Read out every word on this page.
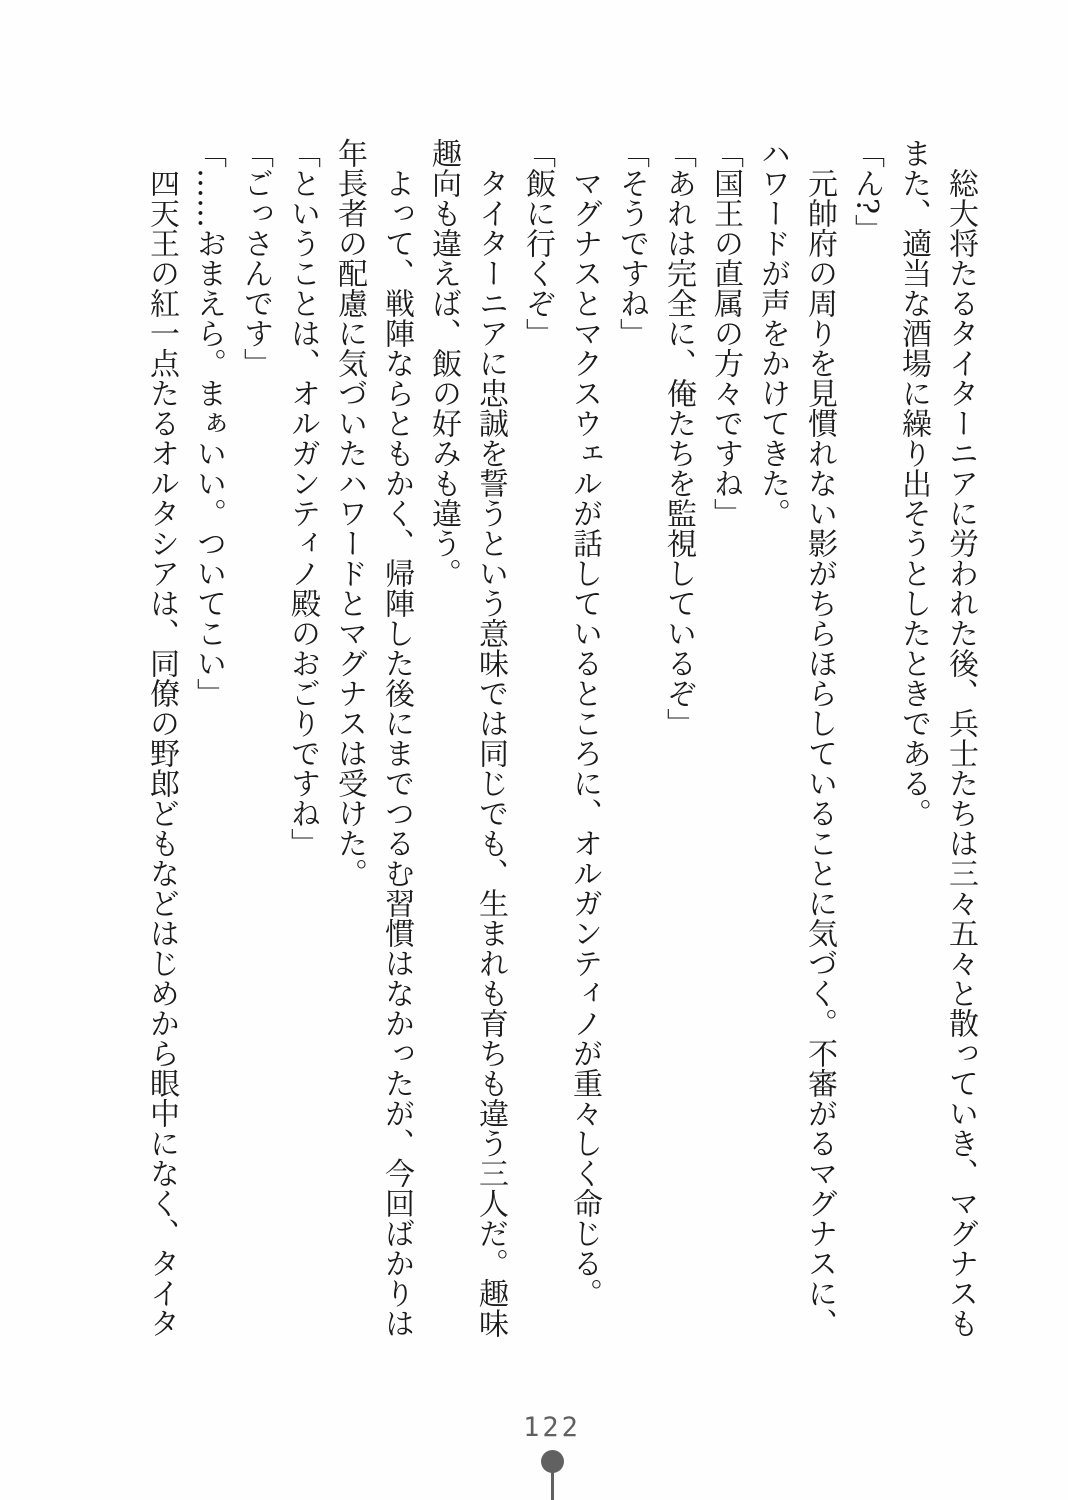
　総大将たるタイターニアに労われた後、兵士たちは三々五々と散っていき、マグナスも

また、適当な酒場に繰り出そうとしたときである。

「ん?」

　元帥府の周りを見慣れない影がちらほらしていることに気づく。不審がるマグナスに、

ハワードが声をかけてきた。

「国王の直属の方々ですね」

「あれは完全に、俺たちを監視しているぞ」

「そうですね」

　マグナスとマクスウェルが話しているところに、オルガンティノが重々しく命じる。

「飯に行くぞ」

　タイターニアに忠誠を誓うという意味では同じでも、生まれも育ちも違う三人だ。趣味

趣向も違えば、飯の好みも違う。

　よって、戦陣ならともかく、帰陣した後にまでつるむ習慣はなかったが、今回ばかりは

年長者の配慮に気づいたハワードとマグナスは受けた。

「ということは、オルガンティノ殿のおごりですね」

「ごっさんです」

「……おまえら。まぁいい。ついてこい」

　四天王の紅一点たるオルタシアは、同僚の野郎どもなどはじめから眼中になく、タイタ

122
